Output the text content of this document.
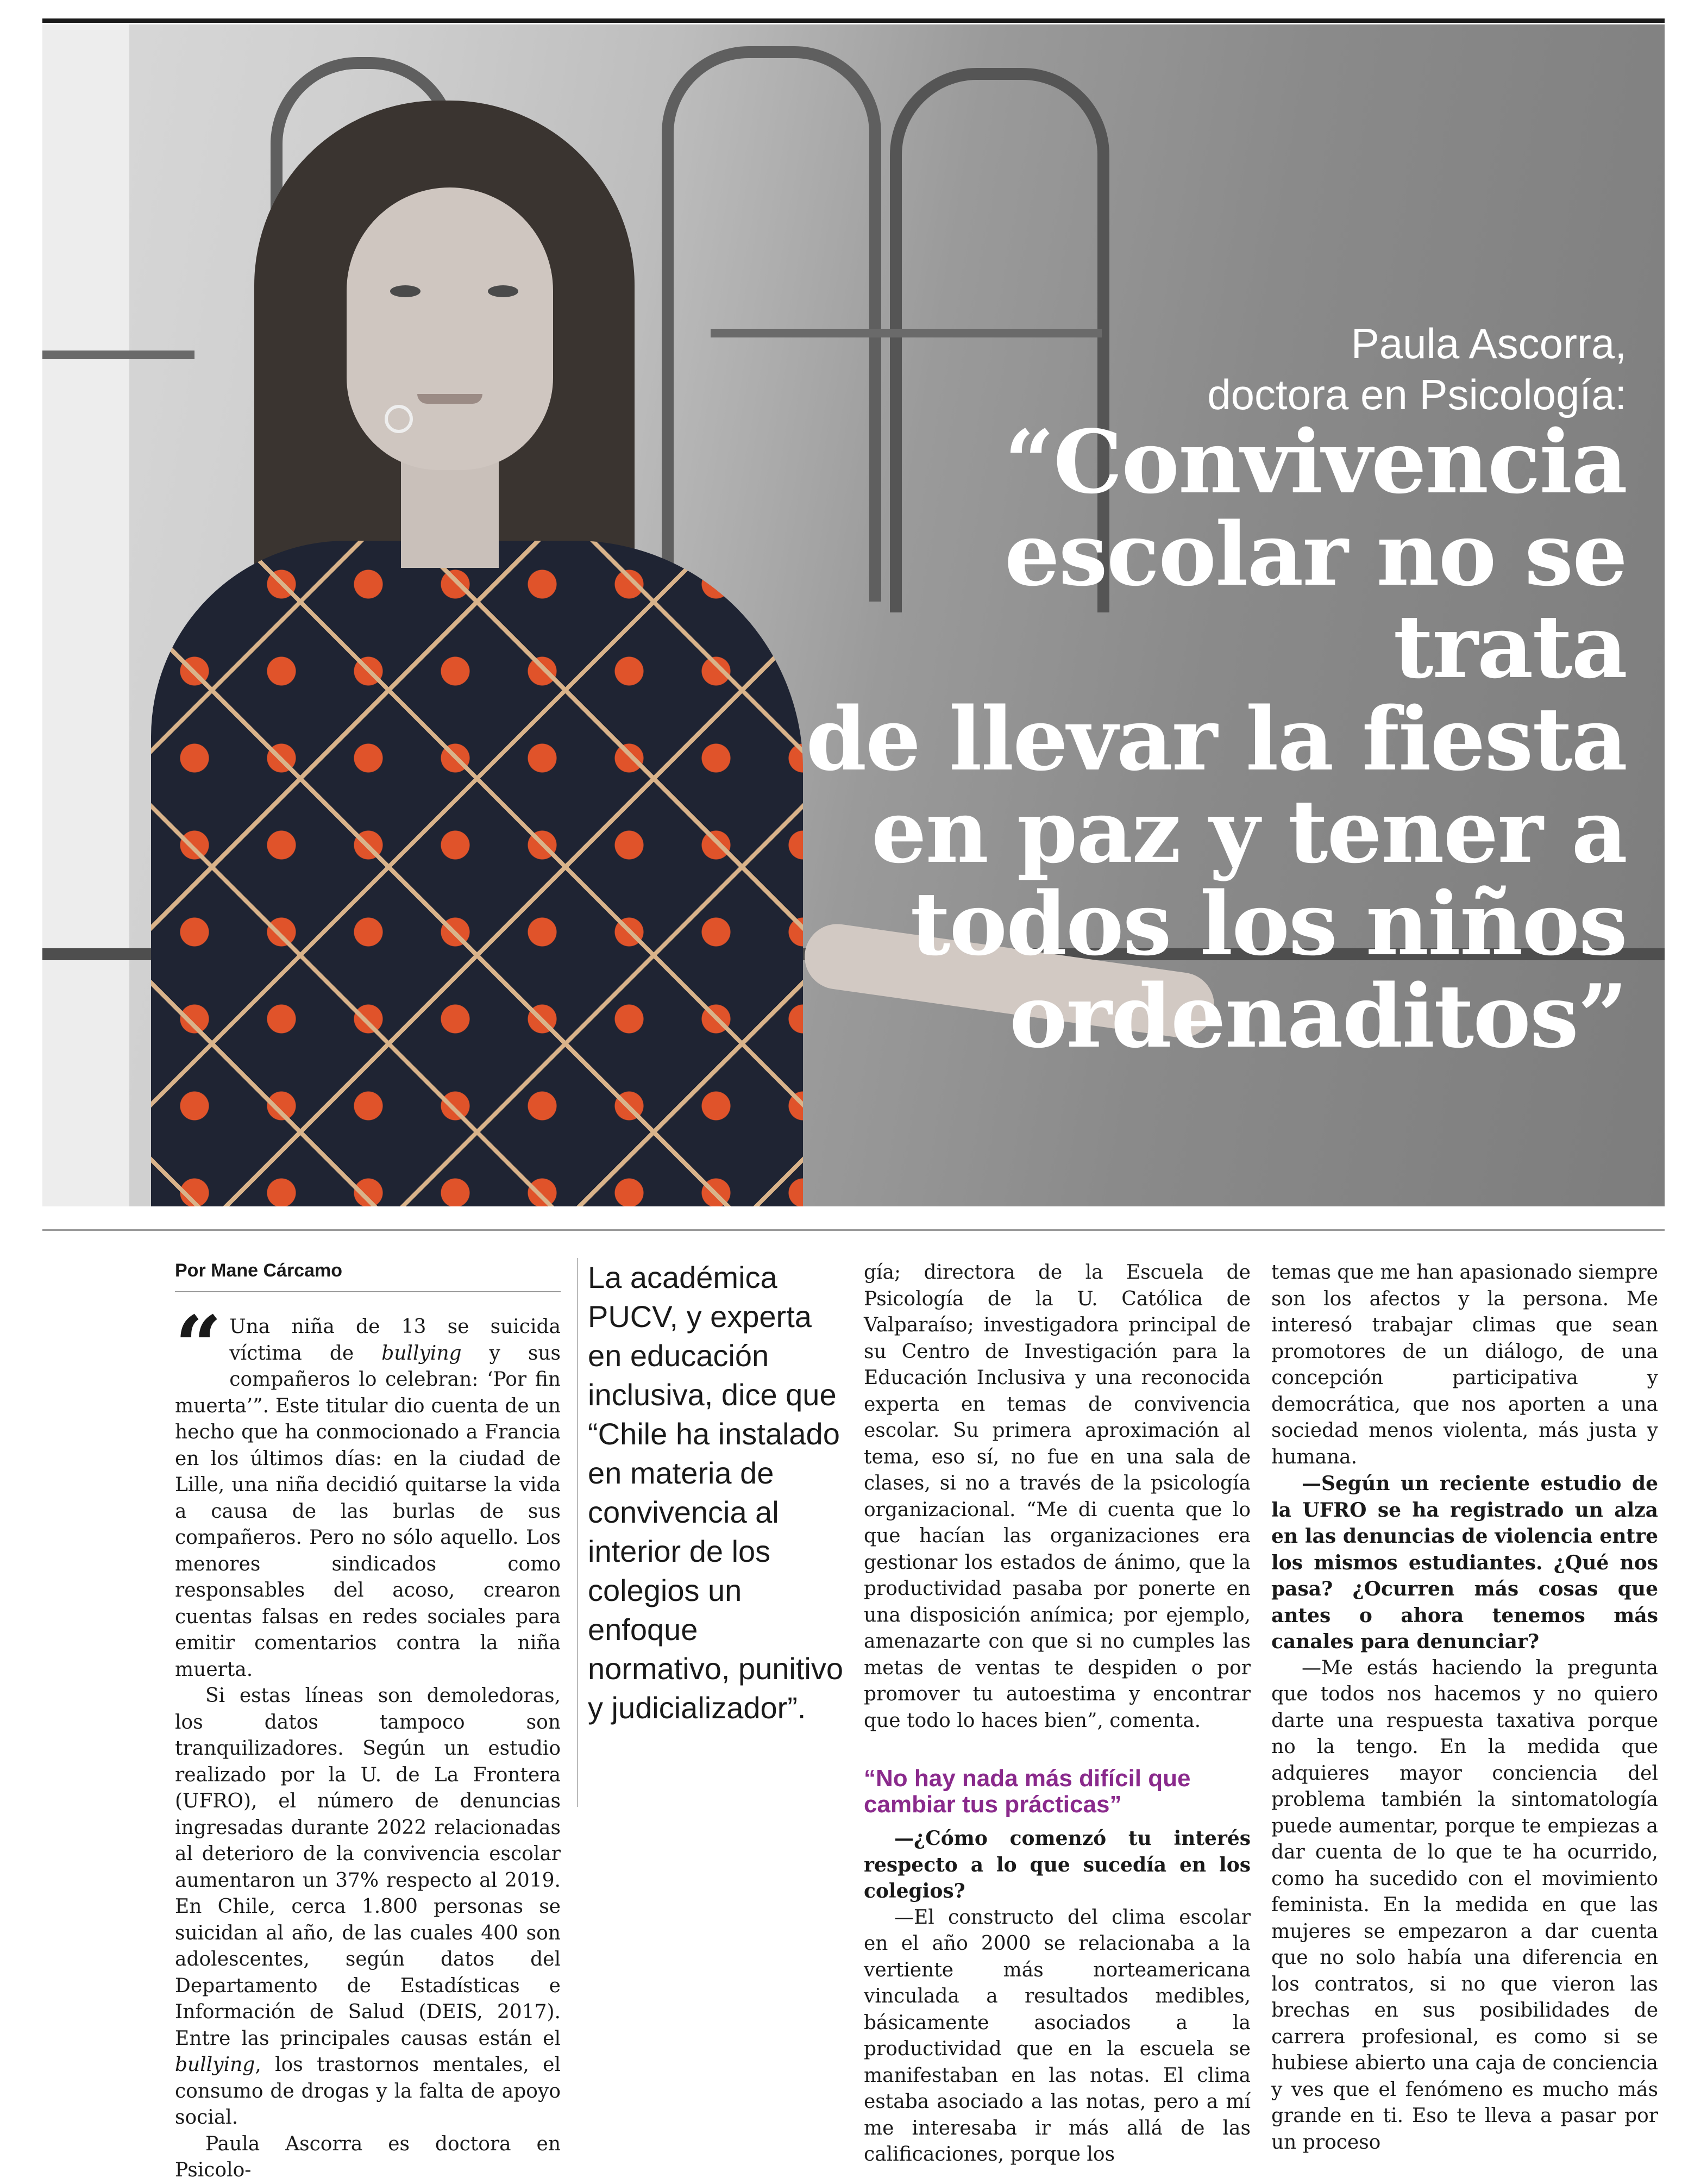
Paula Ascorra,
doctora en Psicología:
“Convivencia
escolar no se trata
de llevar la fiesta
en paz y tener a
todos los niños
ordenaditos”
Por Mane Cárcamo

“ Una niña de 13 se suicida víctima de bullying y sus compañeros lo celebran: ‘Por fin muerta’”. Este titular dio cuenta de un hecho que ha conmocionado a Francia en los últimos días: en la ciudad de Lille, una niña decidió quitarse la vida a causa de las burlas de sus compañeros. Pero no sólo aquello. Los menores sindicados como responsables del acoso, crearon cuentas falsas en redes sociales para emitir comentarios contra la niña muerta.

Si estas líneas son demoledoras, los datos tampoco son tranquilizadores. Según un estudio realizado por la U. de La Frontera (UFRO), el número de denuncias ingresadas durante 2022 relacionadas al deterioro de la convivencia escolar aumentaron un 37% respecto al 2019. En Chile, cerca 1.800 personas se suicidan al año, de las cuales 400 son adolescentes, según datos del Departamento de Estadísticas e Información de Salud (DEIS, 2017). Entre las principales causas están el bullying, los trastornos mentales, el consumo de drogas y la falta de apoyo social.

Paula Ascorra es doctora en Psicolo-

La académica PUCV, y experta en educación inclusiva, dice que “Chile ha instalado en materia de convivencia al interior de los colegios un enfoque normativo, punitivo y judicializador”.

gía; directora de la Escuela de Psicología de la U. Católica de Valparaíso; investigadora principal de su Centro de Investigación para la Educación Inclusiva y una reconocida experta en temas de convivencia escolar. Su primera aproximación al tema, eso sí, no fue en una sala de clases, si no a través de la psicología organizacional. “Me di cuenta que lo que hacían las organizaciones era gestionar los estados de ánimo, que la productividad pasaba por ponerte en una disposición anímica; por ejemplo, amenazarte con que si no cumples las metas de ventas te despiden o por promover tu autoestima y encontrar que todo lo haces bien”, comenta.

“No hay nada más difícil que cambiar tus prácticas”

—¿Cómo comenzó tu interés respecto a lo que sucedía en los colegios?

—El constructo del clima escolar en el año 2000 se relacionaba a la vertiente más norteamericana vinculada a resultados medibles, básicamente asociados a la productividad que en la escuela se manifestaban en las notas. El clima estaba asociado a las notas, pero a mí me interesaba ir más allá de las calificaciones, porque los

temas que me han apasionado siempre son los afectos y la persona. Me interesó trabajar climas que sean promotores de un diálogo, de una concepción participativa y democrática, que nos aporten a una sociedad menos violenta, más justa y humana.

—Según un reciente estudio de la UFRO se ha registrado un alza en las denuncias de violencia entre los mismos estudiantes. ¿Qué nos pasa? ¿Ocurren más cosas que antes o ahora tenemos más canales para denunciar?

—Me estás haciendo la pregunta que todos nos hacemos y no quiero darte una respuesta taxativa porque no la tengo. En la medida que adquieres mayor conciencia del problema también la sintomatología puede aumentar, porque te empiezas a dar cuenta de lo que te ha ocurrido, como ha sucedido con el movimiento feminista. En la medida en que las mujeres se empezaron a dar cuenta que no solo había una diferencia en los contratos, si no que vieron las brechas en sus posibilidades de carrera profesional, es como si se hubiese abierto una caja de conciencia y ves que el fenómeno es mucho más grande en ti. Eso te lleva a pasar por un proceso
